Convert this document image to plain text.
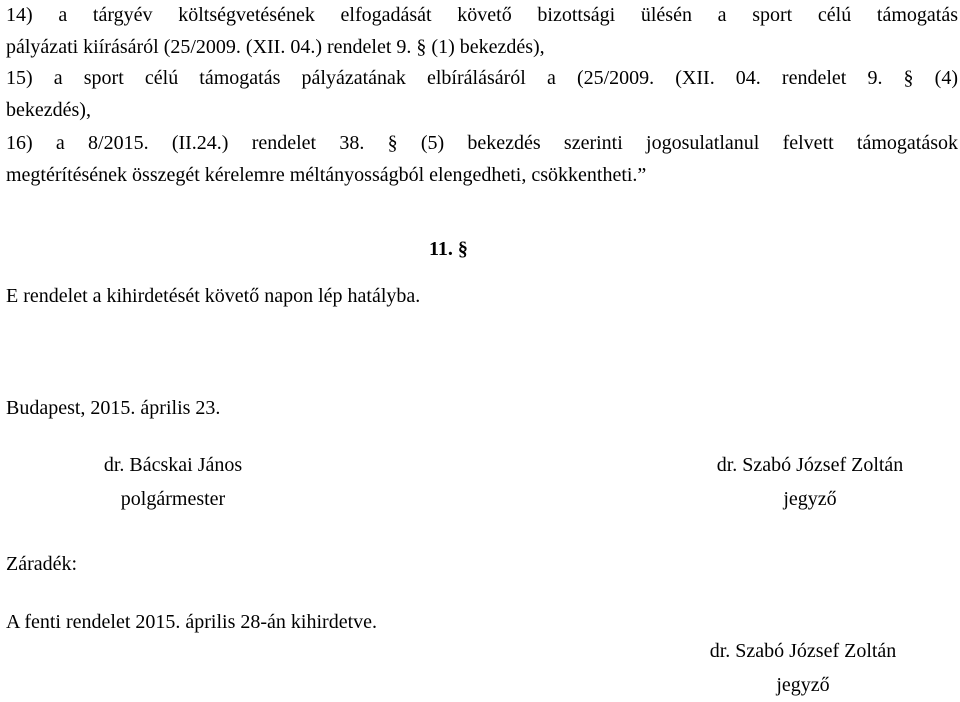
14) a tárgyév költségvetésének elfogadását követő bizottsági ülésén a sport célú támogatás
pályázati kiírásáról (25/2009. (XII. 04.) rendelet 9. § (1) bekezdés),
15) a sport célú támogatás pályázatának elbírálásáról a (25/2009. (XII. 04. rendelet 9. § (4)
bekezdés),
16) a 8/2015. (II.24.) rendelet 38. § (5) bekezdés szerinti jogosulatlanul felvett támogatások
megtérítésének összegét kérelemre méltányosságból elengedheti, csökkentheti.”
11. §
E rendelet a kihirdetését követő napon lép hatályba.
Budapest, 2015. április 23.
dr. Bácskai János
polgármester
dr. Szabó József Zoltán
jegyző
Záradék:
A fenti rendelet 2015. április 28-án kihirdetve.
dr. Szabó József Zoltán
jegyző
